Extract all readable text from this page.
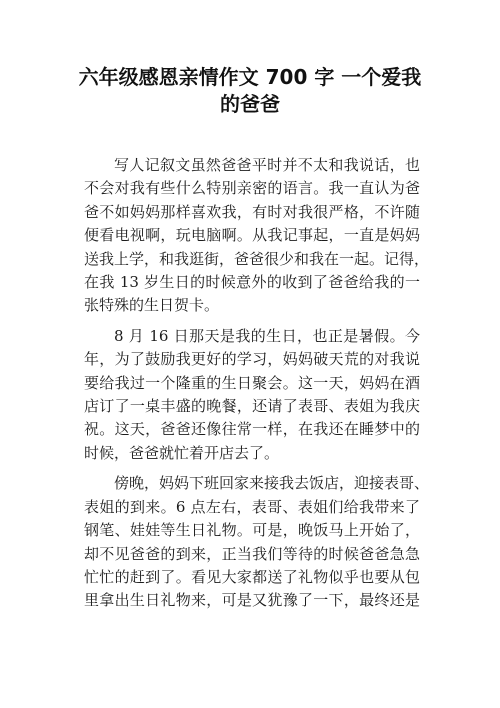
六年级感恩亲情作文 700 字 一个爱我
的爸爸
写人记叙文虽然爸爸平时并不太和我说话，也
不会对我有些什么特别亲密的语言。我一直认为爸
爸不如妈妈那样喜欢我，有时对我很严格，不许随
便看电视啊，玩电脑啊。从我记事起，一直是妈妈
送我上学，和我逛街，爸爸很少和我在一起。记得，
在我 13 岁生日的时候意外的收到了爸爸给我的一
张特殊的生日贺卡。
8 月 16 日那天是我的生日，也正是暑假。今
年，为了鼓励我更好的学习，妈妈破天荒的对我说
要给我过一个隆重的生日聚会。这一天，妈妈在酒
店订了一桌丰盛的晚餐，还请了表哥、表姐为我庆
祝。这天，爸爸还像往常一样，在我还在睡梦中的
时候，爸爸就忙着开店去了。
傍晚，妈妈下班回家来接我去饭店，迎接表哥、
表姐的到来。6 点左右，表哥、表姐们给我带来了
钢笔、娃娃等生日礼物。可是，晚饭马上开始了，
却不见爸爸的到来，正当我们等待的时候爸爸急急
忙忙的赶到了。看见大家都送了礼物似乎也要从包
里拿出生日礼物来，可是又犹豫了一下，最终还是
